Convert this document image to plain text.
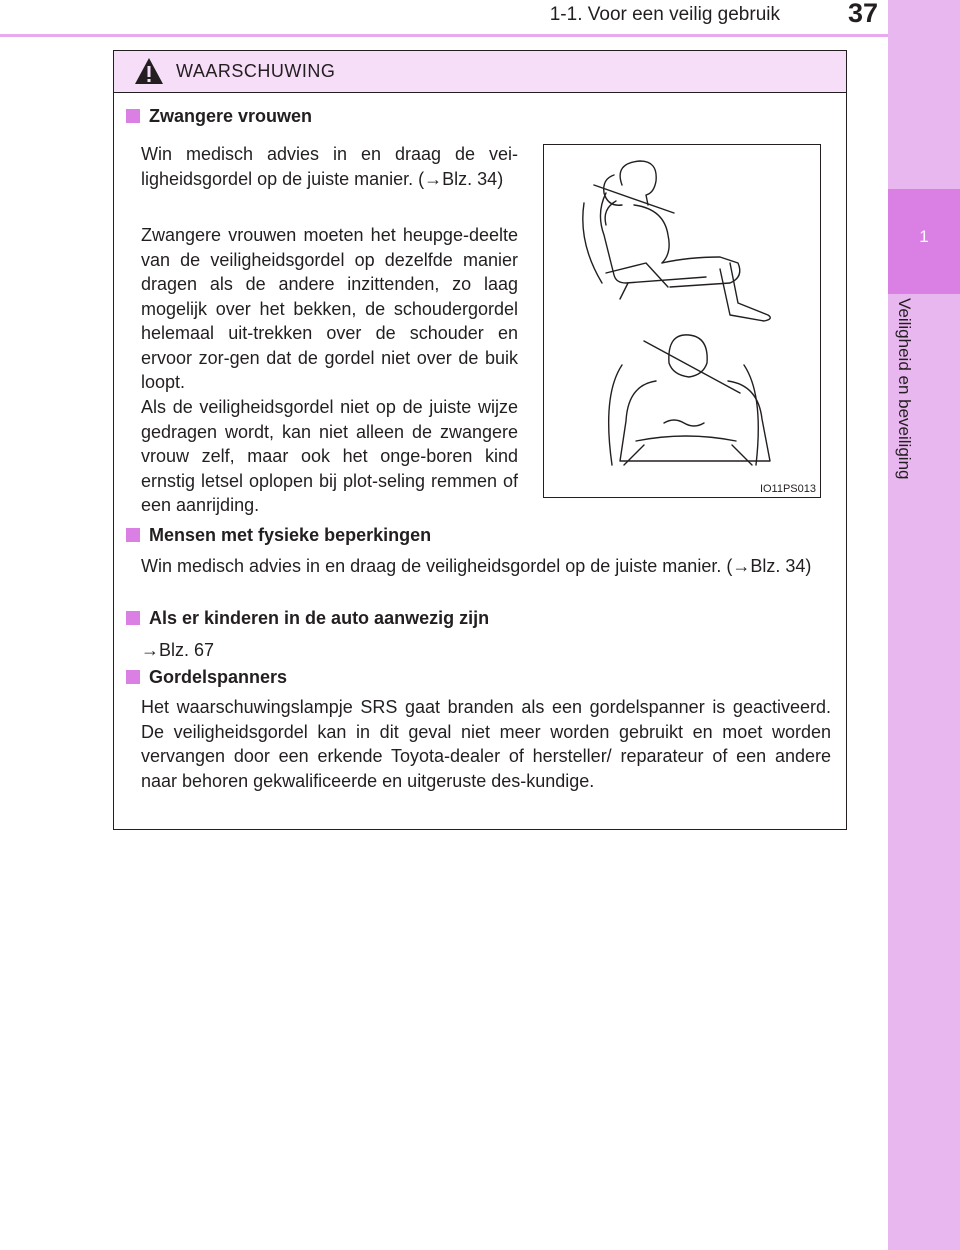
1-1. Voor een veilig gebruik	37
1
Veiligheid en beveiliging
WAARSCHUWING
Zwangere vrouwen
Win medisch advies in en draag de vei-ligheidsgordel op de juiste manier. (→Blz. 34)
Zwangere vrouwen moeten het heupge-deelte van de veiligheidsgordel op dezelfde manier dragen als de andere inzittenden, zo laag mogelijk over het bekken, de schoudergordel helemaal uit-trekken over de schouder en ervoor zor-gen dat de gordel niet over de buik loopt.
Als de veiligheidsgordel niet op de juiste wijze gedragen wordt, kan niet alleen de zwangere vrouw zelf, maar ook het onge-boren kind ernstig letsel oplopen bij plot-seling remmen of een aanrijding.
IO11PS013
Mensen met fysieke beperkingen
Win medisch advies in en draag de veiligheidsgordel op de juiste manier. (→Blz. 34)
Als er kinderen in de auto aanwezig zijn
→Blz. 67
Gordelspanners
Het waarschuwingslampje SRS gaat branden als een gordelspanner is geactiveerd. De veiligheidsgordel kan in dit geval niet meer worden gebruikt en moet worden vervangen door een erkende Toyota-dealer of hersteller/ reparateur of een andere naar behoren gekwalificeerde en uitgeruste des-kundige.
